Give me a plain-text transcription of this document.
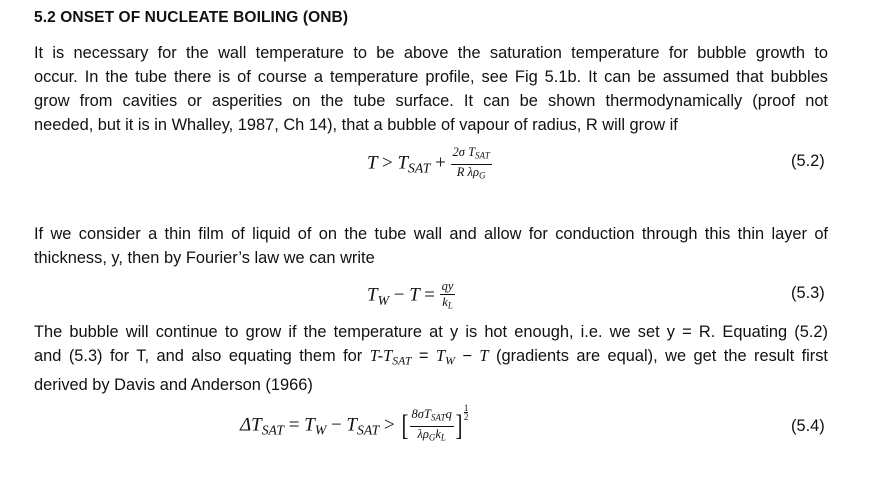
5.2 ONSET OF NUCLEATE BOILING (ONB)
It is necessary for the wall temperature to be above the saturation temperature for bubble growth to
occur. In the tube there is of course a temperature profile, see Fig 5.1b. It can be assumed that bubbles
grow from cavities or asperities on the tube surface. It can be shown thermodynamically (proof not
needed, but it is in Whalley, 1987, Ch 14), that a bubble of vapour of radius, R will grow if
$T > T_{SAT} + \frac{2\sigma T_{SAT}}{R \lambda\rho_G}$	(5.2)
If we consider a thin film of liquid of on the tube wall and allow for conduction through this thin layer of
thickness, y, then by Fourier’s law we can write
$T_W - T = \frac{qy}{k_L}$	(5.3)
The bubble will continue to grow if the temperature at y is hot enough, i.e. we set y = R. Equating (5.2)
and (5.3) for T, and also equating them for $T-T_{SAT} = T_W - T$ (gradients are equal), we get the result first
derived by Davis and Anderson (1966)
$\Delta T_{SAT} = T_W - T_{SAT}$ > [ $\frac{8\sigma T_{SAT}q}{\lambda\rho_Gk_L}$ ] $\frac{1}{2}$
(5.4)
